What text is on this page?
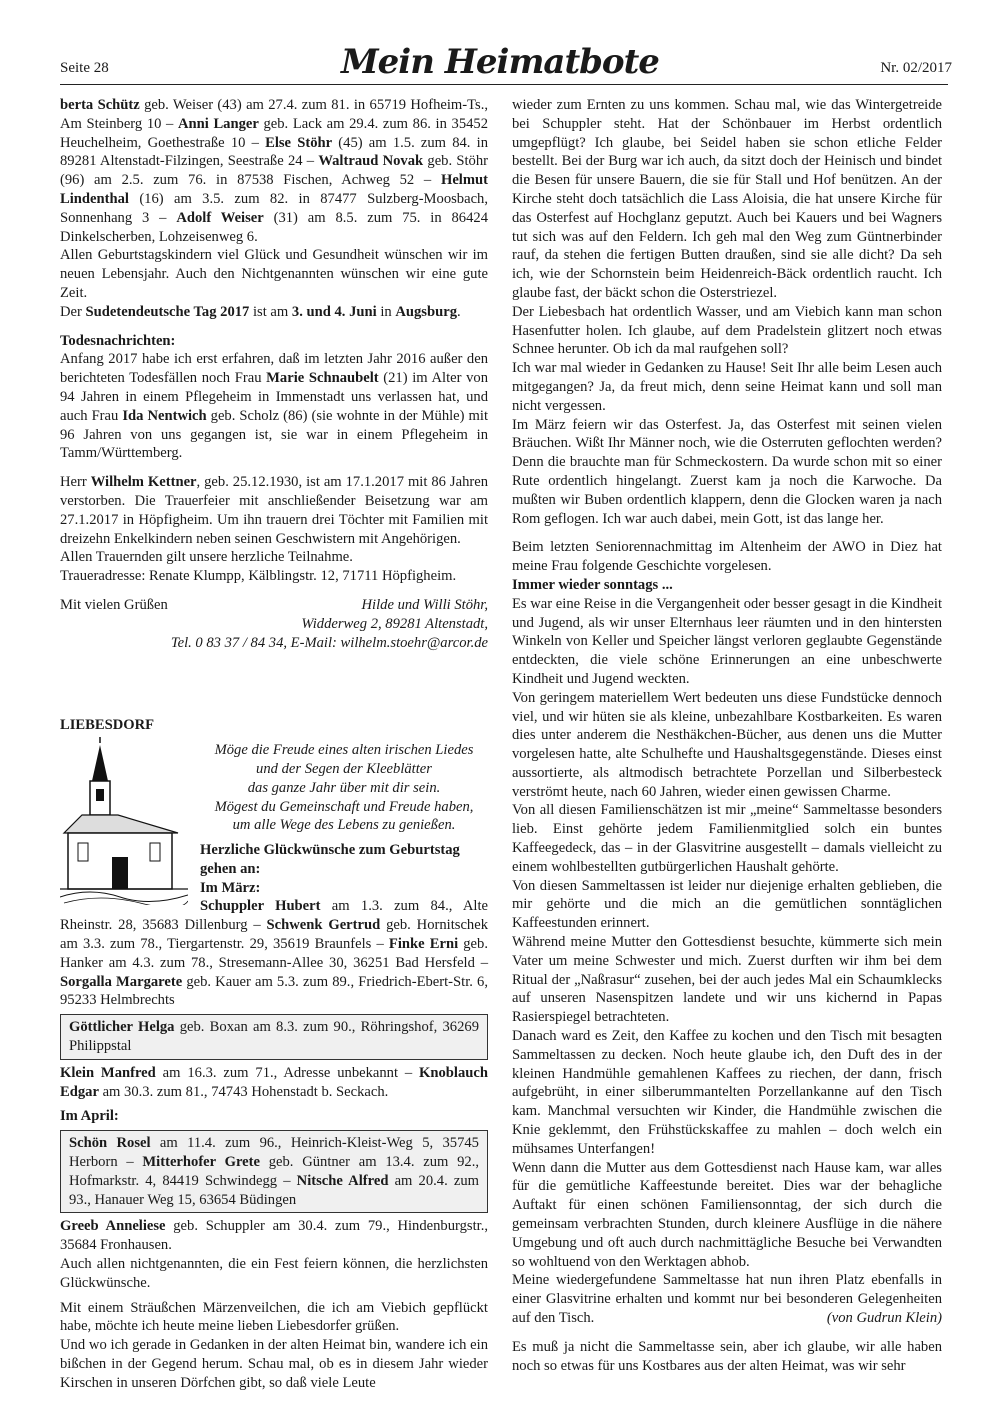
Seite 28	Mein Heimatbote	Nr. 02/2017

berta Schütz geb. Weiser (43) am 27.4. zum 81. in 65719 Hofheim-Ts., Am Steinberg 10 – Anni Langer geb. Lack am 29.4. zum 86. in 35452 Heuchelheim, Goethestraße 10 – Else Stöhr (45) am 1.5. zum 84. in 89281 Altenstadt-Filzingen, Seestraße 24 – Waltraud Novak geb. Stöhr (96) am 2.5. zum 76. in 87538 Fischen, Achweg 52 – Helmut Lindenthal (16) am 3.5. zum 82. in 87477 Sulzberg-Moosbach, Sonnenhang 3 – Adolf Weiser (31) am 8.5. zum 75. in 86424 Dinkelscherben, Lohzeisenweg 6.

Allen Geburtstagskindern viel Glück und Gesundheit wünschen wir im neuen Lebensjahr. Auch den Nichtgenannten wünschen wir eine gute Zeit.

Der Sudetendeutsche Tag 2017 ist am 3. und 4. Juni in Augsburg.

Todesnachrichten:

Anfang 2017 habe ich erst erfahren, daß im letzten Jahr 2016 außer den berichteten Todesfällen noch Frau Marie Schnaubelt (21) im Alter von 94 Jahren in einem Pflegeheim in Immenstadt uns verlassen hat, und auch Frau Ida Nentwich geb. Scholz (86) (sie wohnte in der Mühle) mit 96 Jahren von uns gegangen ist, sie war in einem Pflegeheim in Tamm/Württemberg.

Herr Wilhelm Kettner, geb. 25.12.1930, ist am 17.1.2017 mit 86 Jahren verstorben. Die Trauerfeier mit anschließender Beisetzung war am 27.1.2017 in Höpfigheim. Um ihn trauern drei Töchter mit Familien mit dreizehn Enkelkindern neben seinen Geschwistern mit Angehörigen.

Allen Trauernden gilt unsere herzliche Teilnahme.

Traueradresse: Renate Klumpp, Kälblingstr. 12, 71711 Höpfigheim.

Mit vielen Grüßen	Hilde und Willi Stöhr,

Widderweg 2, 89281 Altenstadt,

Tel. 0 83 37 / 84 34, E-Mail: wilhelm.stoehr@arcor.de

LIEBESDORF

Möge die Freude eines alten irischen Liedes

und der Segen der Kleeblätter

das ganze Jahr über mit dir sein.

Mögest du Gemeinschaft und Freude haben,

um alle Wege des Lebens zu genießen.

Herzliche Glückwünsche zum Geburtstag gehen an:

Im März:

Schuppler Hubert am 1.3. zum 84., Alte Rheinstr. 28, 35683 Dillenburg – Schwenk Gertrud geb. Hornitschek am 3.3. zum 78., Tiergartenstr. 29, 35619 Braunfels – Finke Erni geb. Hanker am 4.3. zum 78., Stresemann-Allee 30, 36251 Bad Hersfeld – Sorgalla Margarete geb. Kauer am 5.3. zum 89., Friedrich-Ebert-Str. 6, 95233 Helmbrechts

Göttlicher Helga geb. Boxan am 8.3. zum 90., Röhringshof, 36269 Philippstal

Klein Manfred am 16.3. zum 71., Adresse unbekannt – Knoblauch Edgar am 30.3. zum 81., 74743 Hohenstadt b. Seckach.

Im April:

Schön Rosel am 11.4. zum 96., Heinrich-Kleist-Weg 5, 35745 Herborn – Mitterhofer Grete geb. Güntner am 13.4. zum 92., Hofmarkstr. 4, 84419 Schwindegg – Nitsche Alfred am 20.4. zum 93., Hanauer Weg 15, 63654 Büdingen

Greeb Anneliese geb. Schuppler am 30.4. zum 79., Hindenburgstr., 35684 Fronhausen.

Auch allen nichtgenannten, die ein Fest feiern können, die herzlichsten Glückwünsche.

Mit einem Sträußchen Märzenveilchen, die ich am Viebich gepflückt habe, möchte ich heute meine lieben Liebesdorfer grüßen.

Und wo ich gerade in Gedanken in der alten Heimat bin, wandere ich ein bißchen in der Gegend herum. Schau mal, ob es in diesem Jahr wieder Kirschen in unseren Dörfchen gibt, so daß viele Leute

wieder zum Ernten zu uns kommen. Schau mal, wie das Wintergetreide bei Schuppler steht. Hat der Schönbauer im Herbst ordentlich umgepflügt? Ich glaube, bei Seidel haben sie schon etliche Felder bestellt. Bei der Burg war ich auch, da sitzt doch der Heinisch und bindet die Besen für unsere Bauern, die sie für Stall und Hof benützen. An der Kirche steht doch tatsächlich die Lass Aloisia, die hat unsere Kirche für das Osterfest auf Hochglanz geputzt. Auch bei Kauers und bei Wagners tut sich was auf den Feldern. Ich geh mal den Weg zum Güntnerbinder rauf, da stehen die fertigen Butten draußen, sind sie alle dicht? Da seh ich, wie der Schornstein beim Heidenreich-Bäck ordentlich raucht. Ich glaube fast, der bäckt schon die Osterstriezel.

Der Liebesbach hat ordentlich Wasser, und am Viebich kann man schon Hasenfutter holen. Ich glaube, auf dem Pradelstein glitzert noch etwas Schnee herunter. Ob ich da mal raufgehen soll?

Ich war mal wieder in Gedanken zu Hause! Seit Ihr alle beim Lesen auch mitgegangen? Ja, da freut mich, denn seine Heimat kann und soll man nicht vergessen.

Im März feiern wir das Osterfest. Ja, das Osterfest mit seinen vielen Bräuchen. Wißt Ihr Männer noch, wie die Osterruten geflochten werden? Denn die brauchte man für Schmeckostern. Da wurde schon mit so einer Rute ordentlich hingelangt. Zuerst kam ja noch die Karwoche. Da mußten wir Buben ordentlich klappern, denn die Glocken waren ja nach Rom geflogen. Ich war auch dabei, mein Gott, ist das lange her.

Beim letzten Seniorennachmittag im Altenheim der AWO in Diez hat meine Frau folgende Geschichte vorgelesen.

Immer wieder sonntags ...

Es war eine Reise in die Vergangenheit oder besser gesagt in die Kindheit und Jugend, als wir unser Elternhaus leer räumten und in den hintersten Winkeln von Keller und Speicher längst verloren geglaubte Gegenstände entdeckten, die viele schöne Erinnerungen an eine unbeschwerte Kindheit und Jugend weckten.

Von geringem materiellem Wert bedeuten uns diese Fundstücke dennoch viel, und wir hüten sie als kleine, unbezahlbare Kostbarkeiten. Es waren dies unter anderem die Nesthäkchen-Bücher, aus denen uns die Mutter vorgelesen hatte, alte Schulhefte und Haushaltsgegenstände. Dieses einst aussortierte, als altmodisch betrachtete Porzellan und Silberbesteck verströmt heute, nach 60 Jahren, wieder einen gewissen Charme.

Von all diesen Familienschätzen ist mir „meine“ Sammeltasse besonders lieb. Einst gehörte jedem Familienmitglied solch ein buntes Kaffeegedeck, das – in der Glasvitrine ausgestellt – damals vielleicht zu einem wohlbestellten gutbürgerlichen Haushalt gehörte.

Von diesen Sammeltassen ist leider nur diejenige erhalten geblieben, die mir gehörte und die mich an die gemütlichen sonntäglichen Kaffeestunden erinnert.

Während meine Mutter den Gottesdienst besuchte, kümmerte sich mein Vater um meine Schwester und mich. Zuerst durften wir ihm bei dem Ritual der „Naßrasur“ zusehen, bei der auch jedes Mal ein Schaumklecks auf unseren Nasenspitzen landete und wir uns kichernd in Papas Rasierspiegel betrachteten.

Danach ward es Zeit, den Kaffee zu kochen und den Tisch mit besagten Sammeltassen zu decken. Noch heute glaube ich, den Duft des in der kleinen Handmühle gemahlenen Kaffees zu riechen, der dann, frisch aufgebrüht, in einer silberummantelten Porzellankanne auf den Tisch kam. Manchmal versuchten wir Kinder, die Handmühle zwischen die Knie geklemmt, den Frühstückskaffee zu mahlen – doch welch ein mühsames Unterfangen!

Wenn dann die Mutter aus dem Gottesdienst nach Hause kam, war alles für die gemütliche Kaffeestunde bereitet. Dies war der behagliche Auftakt für einen schönen Familiensonntag, der sich durch die gemeinsam verbrachten Stunden, durch kleinere Ausflüge in die nähere Umgebung und oft auch durch nachmittägliche Besuche bei Verwandten so wohltuend von den Werktagen abhob.

Meine wiedergefundene Sammeltasse hat nun ihren Platz ebenfalls in einer Glasvitrine erhalten und kommt nur bei besonderen Gelegenheiten auf den Tisch.	(von Gudrun Klein)

Es muß ja nicht die Sammeltasse sein, aber ich glaube, wir alle haben noch so etwas für uns Kostbares aus der alten Heimat, was wir sehr
